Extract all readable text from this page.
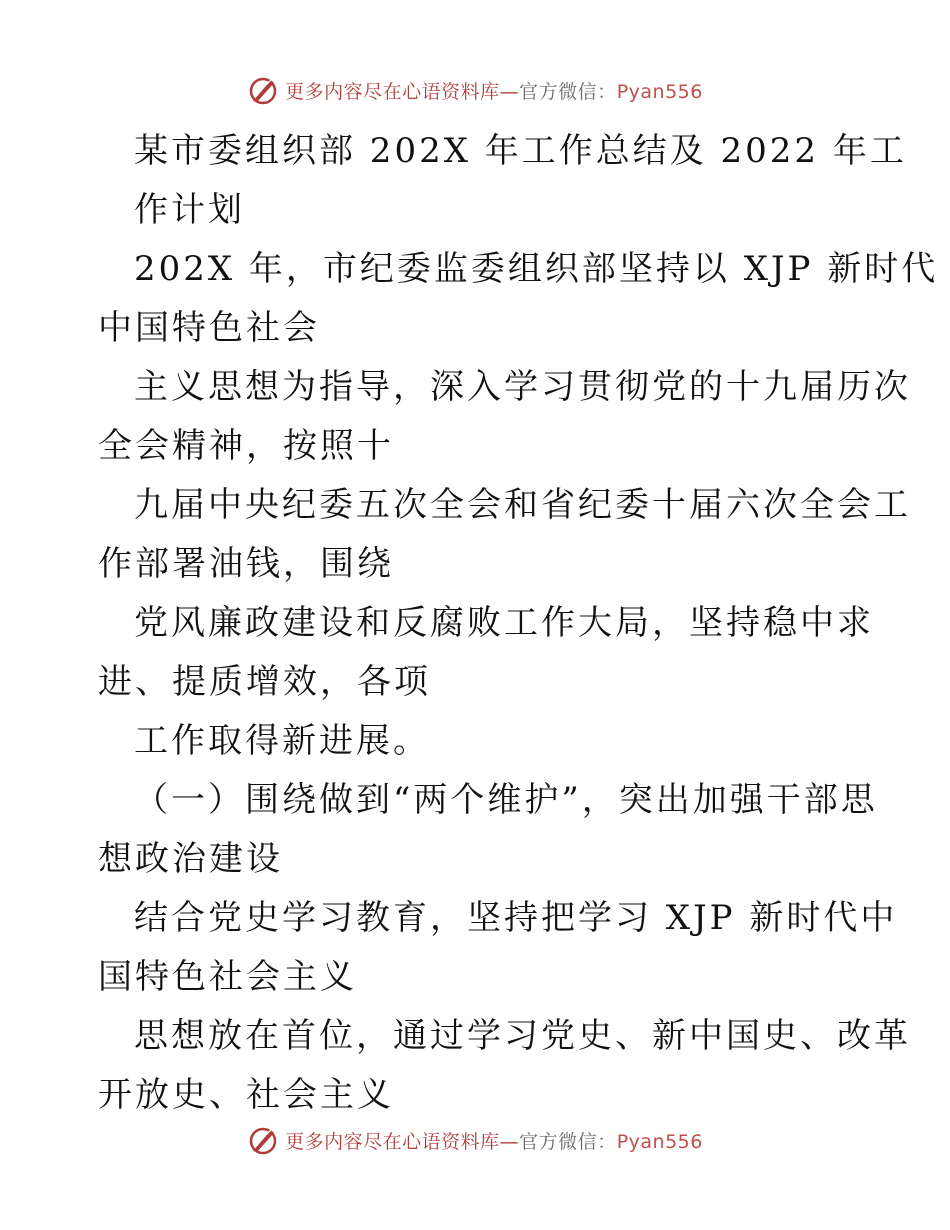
更多内容尽在心语资料库—官方微信：Pyan556
某市委组织部 202X 年工作总结及 2022 年工
作计划
202X 年，市纪委监委组织部坚持以 XJP 新时代
中国特色社会
主义思想为指导，深入学习贯彻党的十九届历次
全会精神，按照十
九届中央纪委五次全会和省纪委十届六次全会工
作部署油钱，围绕
党风廉政建设和反腐败工作大局，坚持稳中求
进、提质增效，各项
工作取得新进展。
（一）围绕做到“两个维护”，突出加强干部思
想政治建设
结合党史学习教育，坚持把学习 XJP 新时代中
国特色社会主义
思想放在首位，通过学习党史、新中国史、改革
开放史、社会主义
更多内容尽在心语资料库—官方微信：Pyan556
